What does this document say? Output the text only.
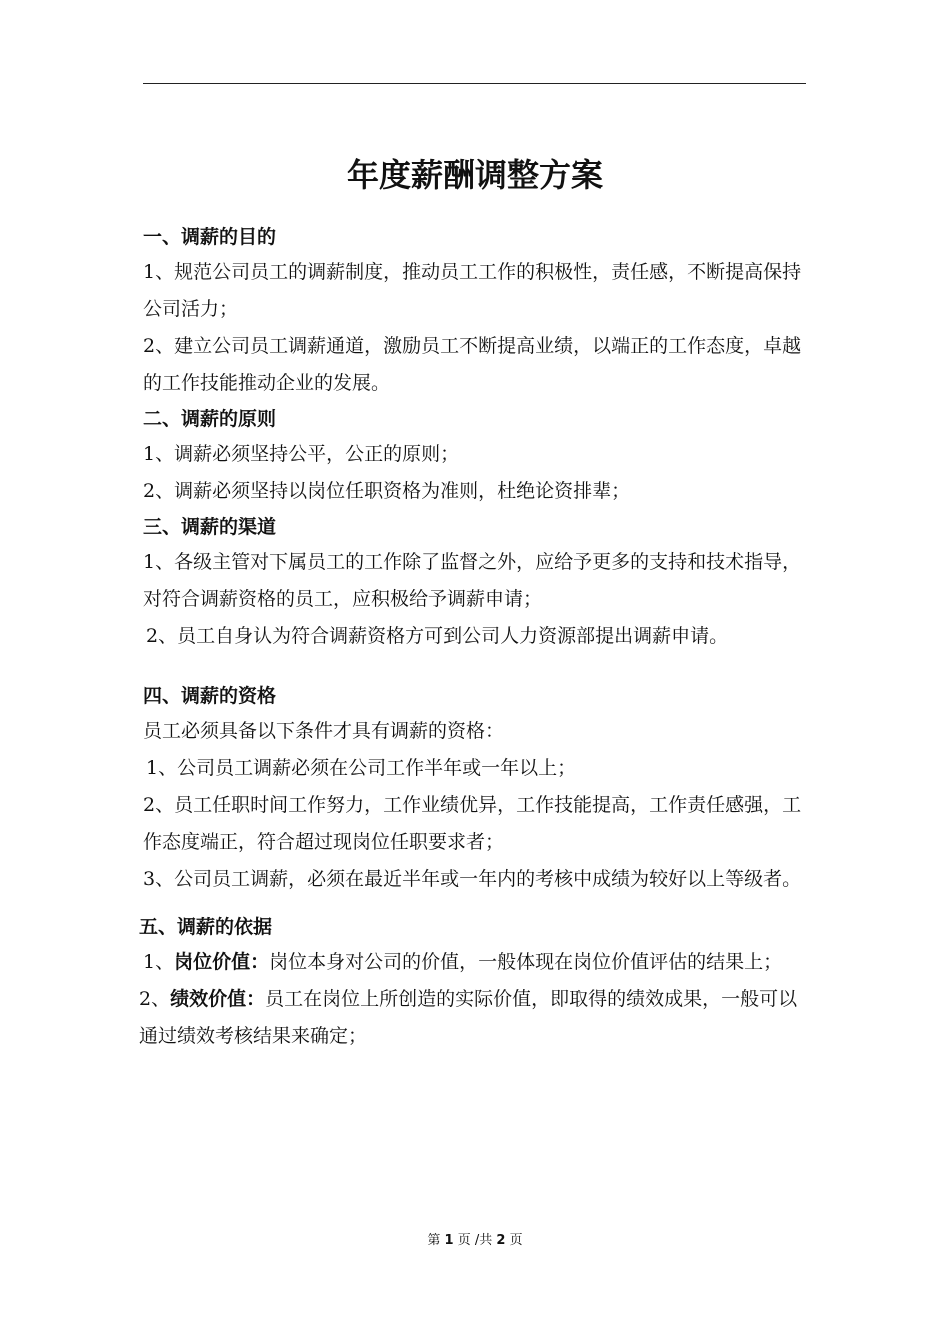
年度薪酬调整方案

一、调薪的目的

1、规范公司员工的调薪制度，推动员工工作的积极性，责任感，不断提高保持公司活力；

2、建立公司员工调薪通道，激励员工不断提高业绩，以端正的工作态度，卓越的工作技能推动企业的发展。

二、调薪的原则

1、调薪必须坚持公平，公正的原则；

2、调薪必须坚持以岗位任职资格为准则，杜绝论资排辈；

三、调薪的渠道

1、各级主管对下属员工的工作除了监督之外，应给予更多的支持和技术指导，对符合调薪资格的员工，应积极给予调薪申请；

2、员工自身认为符合调薪资格方可到公司人力资源部提出调薪申请。

四、调薪的资格

员工必须具备以下条件才具有调薪的资格：

1、公司员工调薪必须在公司工作半年或一年以上；

2、员工任职时间工作努力，工作业绩优异，工作技能提高，工作责任感强，工作态度端正，符合超过现岗位任职要求者；

3、公司员工调薪，必须在最近半年或一年内的考核中成绩为较好以上等级者。

五、调薪的依据

1、岗位价值：岗位本身对公司的价值，一般体现在岗位价值评估的结果上；

2、绩效价值：员工在岗位上所创造的实际价值，即取得的绩效成果，一般可以通过绩效考核结果来确定；

第 1 页 /共 2 页
